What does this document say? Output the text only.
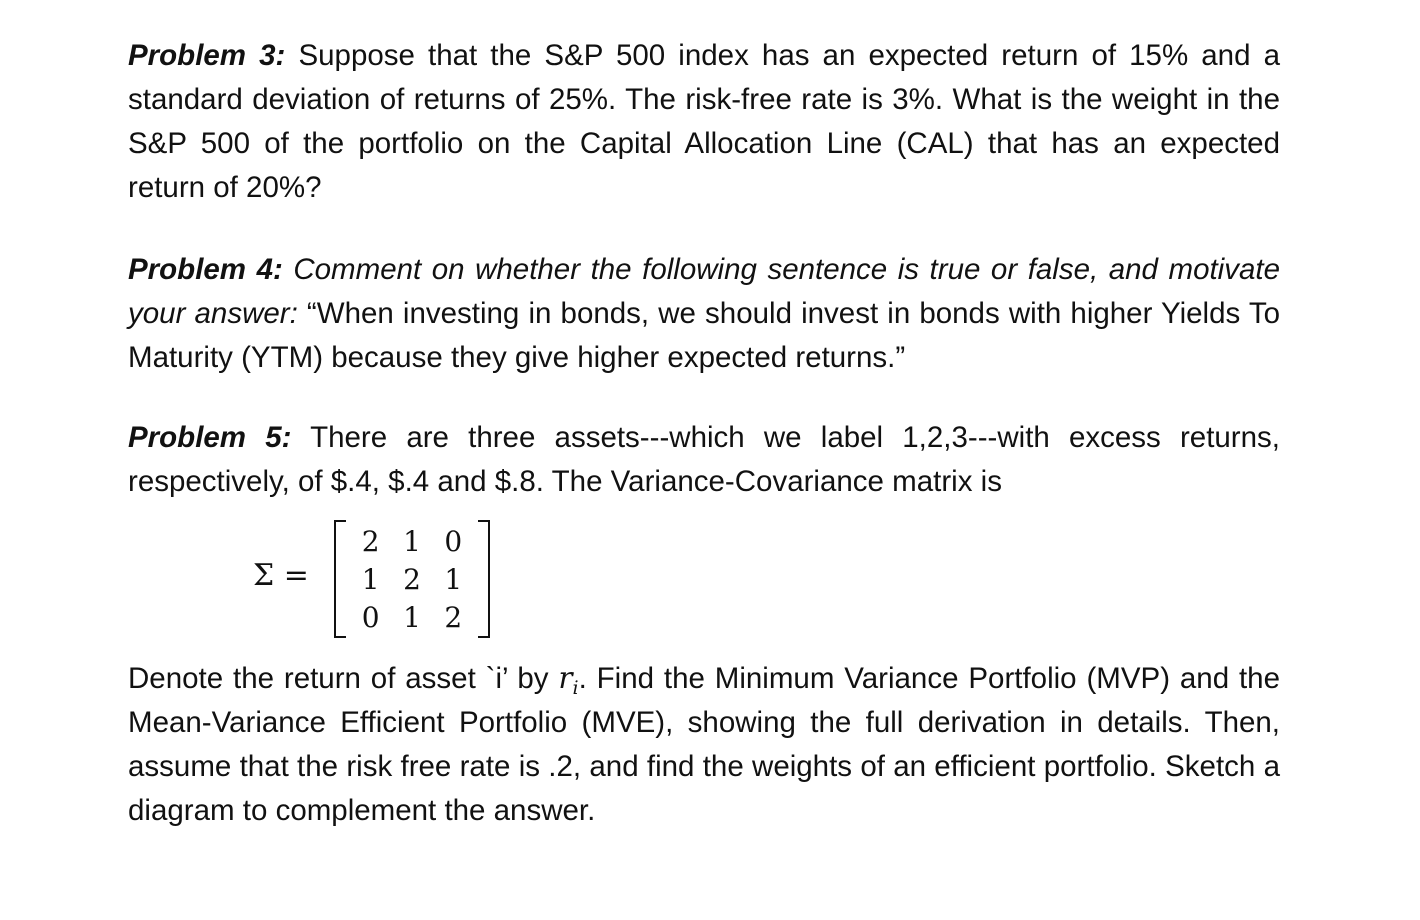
Problem 3: Suppose that the S&P 500 index has an expected return of 15% and a standard deviation of returns of 25%. The risk-free rate is 3%. What is the weight in the S&P 500 of the portfolio on the Capital Allocation Line (CAL) that has an expected return of 20%?

Problem 4: Comment on whether the following sentence is true or false, and motivate your answer: “When investing in bonds, we should invest in bonds with higher Yields To Maturity (YTM) because they give higher expected returns.”

Problem 5: There are three assets---which we label 1,2,3---with excess returns, respectively, of $.4, $.4 and $.8. The Variance-Covariance matrix is

Σ =
2 1 0
1 2 1
0 1 2

Denote the return of asset `i’ by $r_i$. Find the Minimum Variance Portfolio (MVP) and the Mean-Variance Efficient Portfolio (MVE), showing the full derivation in details. Then, assume that the risk free rate is .2, and find the weights of an efficient portfolio. Sketch a diagram to complement the answer.
